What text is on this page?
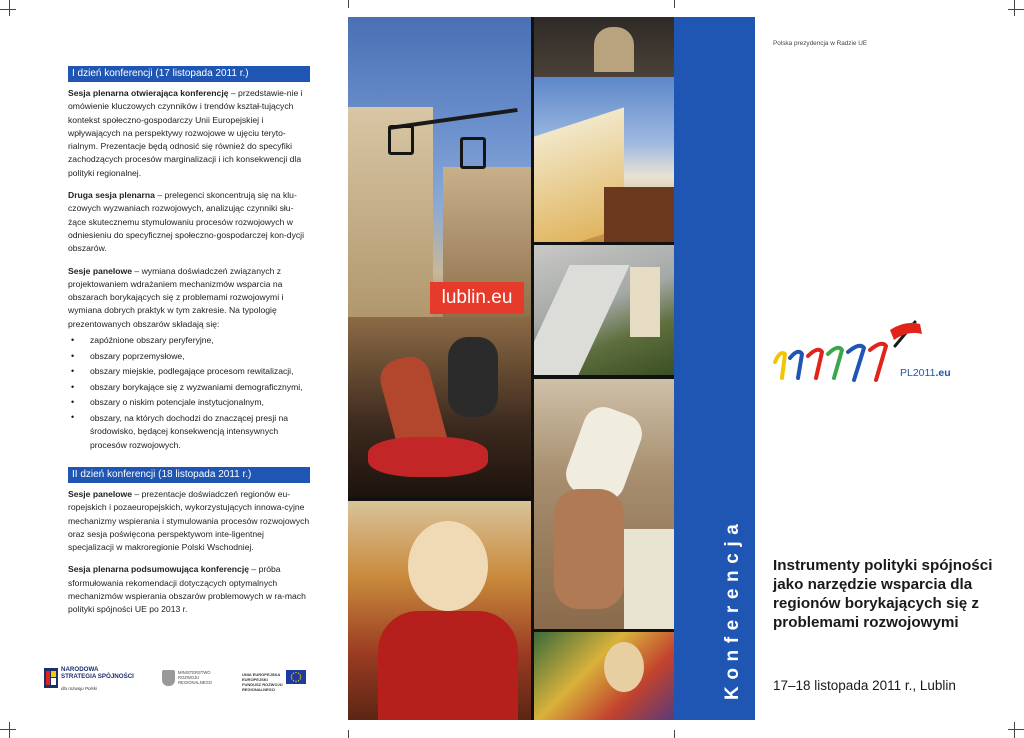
I dzień konferencji (17 listopada 2011 r.)

Sesja plenarna otwierająca konferencję – przedstawie-nie i omówienie kluczowych czynników i trendów kształ-tujących kontekst społeczno-gospodarczy Unii Europejskiej i wpływających na perspektywy rozwojowe w ujęciu teryto-rialnym. Prezentacje będą odnosić się również do specyfiki zachodzących procesów marginalizacji i ich konsekwencji dla polityki regionalnej.

Druga sesja plenarna – prelegenci skoncentrują się na klu-czowych wyzwaniach rozwojowych, analizując czynniki słu-żące skutecznemu stymulowaniu procesów rozwojowych w odniesieniu do specyficznej społeczno-gospodarczej kon-dycji obszarów.

Sesje panelowe – wymiana doświadczeń związanych z projektowaniem wdrażaniem mechanizmów wsparcia na obszarach borykających się z problemami rozwojowymi i wymiana dobrych praktyk w tym zakresie. Na typologię prezentowanych obszarów składają się:

• zapóźnione obszary peryferyjne,
• obszary poprzemysłowe,
• obszary miejskie, podlegające procesom rewitalizacji,
• obszary borykające się z wyzwaniami demograficznymi,
• obszary o niskim potencjale instytucjonalnym,
• obszary, na których dochodzi do znaczącej presji na środowisko, będącej konsekwencją intensywnych procesów rozwojowych.
II dzień konferencji (18 listopada 2011 r.)

Sesje panelowe – prezentacje doświadczeń regionów eu-ropejskich i pozaeuropejskich, wykorzystujących innowa-cyjne mechanizmy wspierania i stymulowania procesów rozwojowych oraz sesja poświęcona perspektywom inte-ligentnej specjalizacji w makroregionie Polski Wschodniej.

Sesja plenarna podsumowująca konferencję – próba sformułowania rekomendacji dotyczących optymalnych mechanizmów wspierania obszarów problemowych w ra-mach polityki spójności UE po 2013 r.

NARODOWA
STRATEGIA SPÓJNOŚCI
dla rozwoju Polski
MINISTERSTWO ROZWOJU REGIONALNEGO
UNIA EUROPEJSKA EUROPEJSKI FUNDUSZ ROZWOJU REGIONALNEGO
lublin.eu
Konferencja
Polska prezydencja w Radzie UE
PL2011.eu
Instrumenty polityki spójności jako narzędzie wsparcia dla regionów borykających się z problemami rozwojowymi
17–18 listopada 2011 r., Lublin
